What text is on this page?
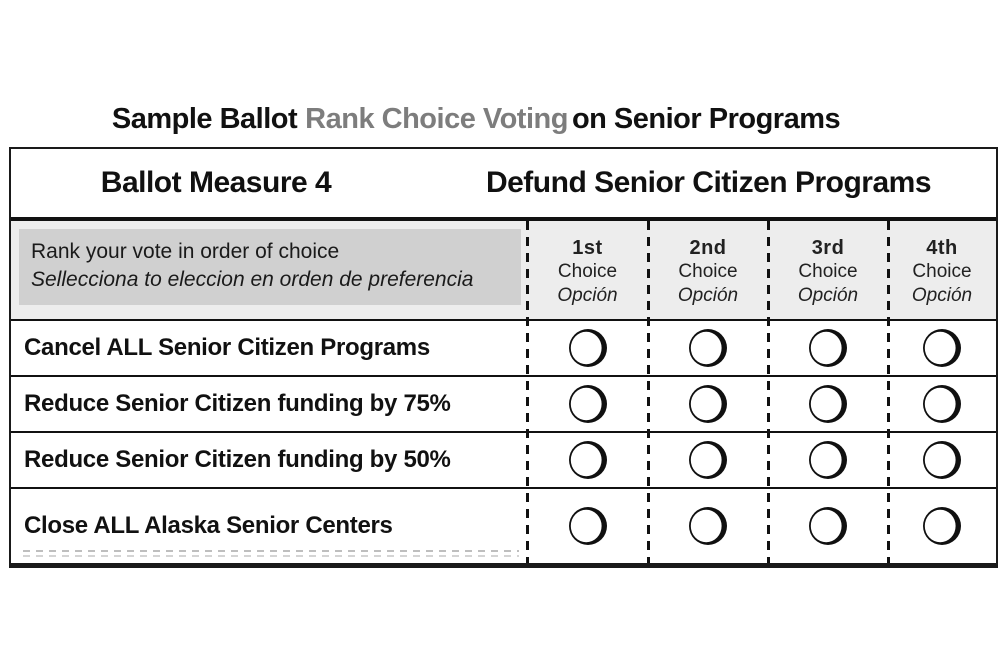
Sample Ballot Rank Choice Voting on Senior Programs
Ballot Measure 4	Defund Senior Citizen Programs
Rank your vote in order of choice
Sellecciona to eleccion en orden de preferencia
1st
Choice
Opción
2nd
Choice
Opción
3rd
Choice
Opción
4th
Choice
Opción
Cancel ALL Senior Citizen Programs
Reduce Senior Citizen funding by 75%
Reduce Senior Citizen funding by 50%
Close ALL Alaska Senior Centers
